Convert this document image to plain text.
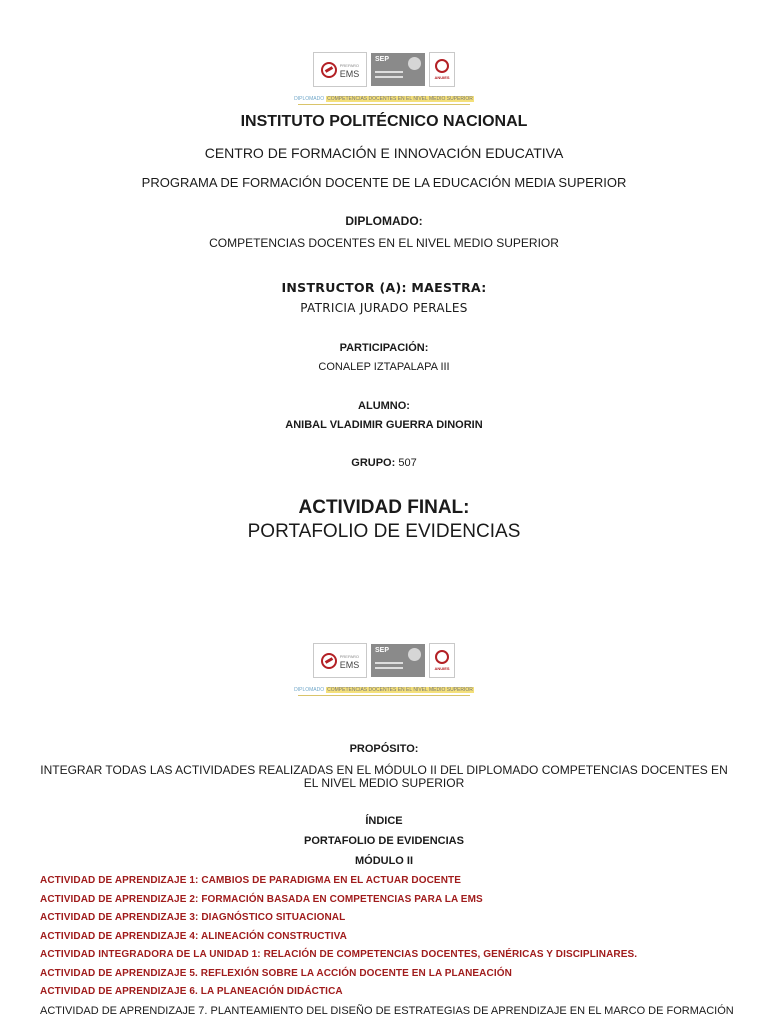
PREPARO
EMS
SEP
ANUIES
DIPLOMADO COMPETENCIAS DOCENTES EN EL NIVEL MEDIO SUPERIOR
INSTITUTO POLITÉCNICO NACIONAL
CENTRO DE FORMACIÓN E INNOVACIÓN EDUCATIVA
PROGRAMA DE FORMACIÓN DOCENTE DE LA EDUCACIÓN MEDIA SUPERIOR
DIPLOMADO:
COMPETENCIAS DOCENTES EN EL NIVEL MEDIO SUPERIOR
INSTRUCTOR (A): MAESTRA:
PATRICIA JURADO PERALES
PARTICIPACIÓN:
CONALEP IZTAPALAPA III
ALUMNO:
ANIBAL VLADIMIR GUERRA DINORIN
GRUPO: 507
ACTIVIDAD FINAL:
PORTAFOLIO DE EVIDENCIAS
PREPARO
EMS
SEP
ANUIES
DIPLOMADO COMPETENCIAS DOCENTES EN EL NIVEL MEDIO SUPERIOR
PROPÓSITO:
INTEGRAR TODAS LAS ACTIVIDADES REALIZADAS EN EL MÓDULO II DEL DIPLOMADO COMPETENCIAS DOCENTES EN
EL NIVEL MEDIO SUPERIOR
ÍNDICE
PORTAFOLIO DE EVIDENCIAS
MÓDULO II
ACTIVIDAD DE APRENDIZAJE 1: CAMBIOS DE PARADIGMA EN EL ACTUAR DOCENTE
ACTIVIDAD DE APRENDIZAJE 2: FORMACIÓN BASADA EN COMPETENCIAS PARA LA EMS
ACTIVIDAD DE APRENDIZAJE 3: DIAGNÓSTICO SITUACIONAL
ACTIVIDAD DE APRENDIZAJE 4: ALINEACIÓN CONSTRUCTIVA
ACTIVIDAD INTEGRADORA DE LA UNIDAD 1: RELACIÓN DE COMPETENCIAS DOCENTES, GENÉRICAS Y DISCIPLINARES.
ACTIVIDAD DE APRENDIZAJE 5. REFLEXIÓN SOBRE LA ACCIÓN DOCENTE EN LA PLANEACIÓN
ACTIVIDAD DE APRENDIZAJE 6. LA PLANEACIÓN DIDÁCTICA
ACTIVIDAD DE APRENDIZAJE 7. PLANTEAMIENTO DEL DISEÑO DE ESTRATEGIAS DE APRENDIZAJE EN EL MARCO DE FORMACIÓN
